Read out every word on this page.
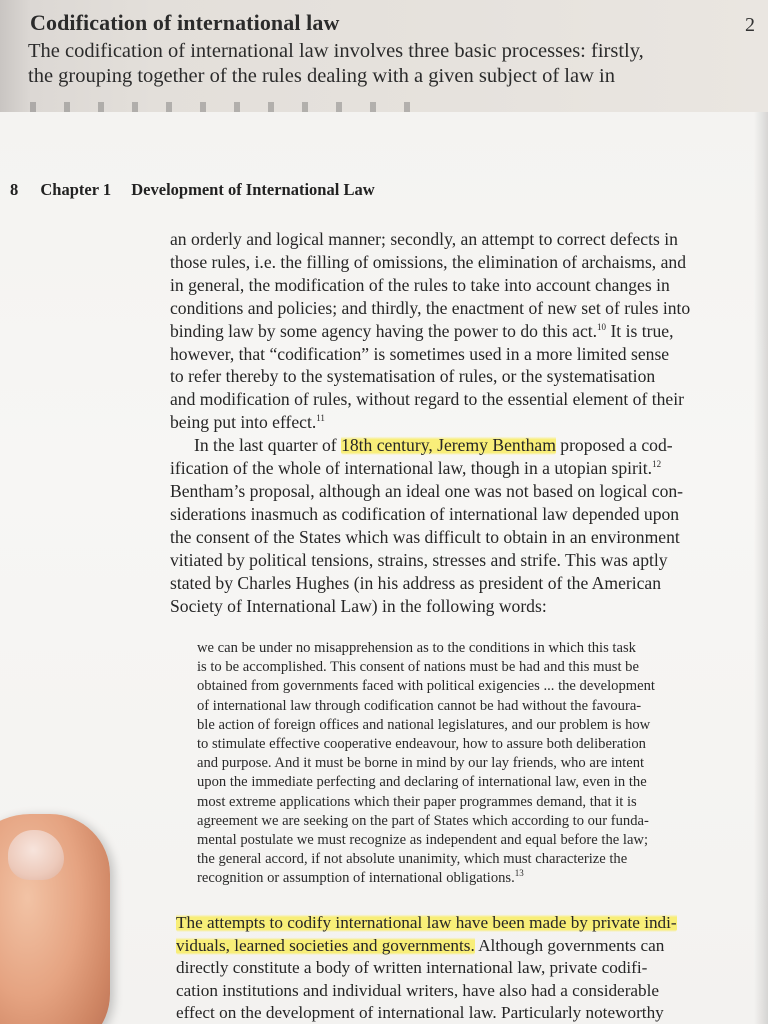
Codification of international law	2
The codification of international law involves three basic processes: firstly,
the grouping together of the rules dealing with a given subject of law in
8 Chapter 1 Development of International Law
an orderly and logical manner; secondly, an attempt to correct defects in
those rules, i.e. the filling of omissions, the elimination of archaisms, and
in general, the modification of the rules to take into account changes in
conditions and policies; and thirdly, the enactment of new set of rules into
binding law by some agency having the power to do this act.$^{10}$ It is true,
however, that “codification” is sometimes used in a more limited sense
to refer thereby to the systematisation of rules, or the systematisation
and modification of rules, without regard to the essential element of their
being put into effect.$^{11}$
In the last quarter of 18th century, Jeremy Bentham proposed a cod-
ification of the whole of international law, though in a utopian spirit.$^{12}$
Bentham’s proposal, although an ideal one was not based on logical con-
siderations inasmuch as codification of international law depended upon
the consent of the States which was difficult to obtain in an environment
vitiated by political tensions, strains, stresses and strife. This was aptly
stated by Charles Hughes (in his address as president of the American
Society of International Law) in the following words:
we can be under no misapprehension as to the conditions in which this task
is to be accomplished. This consent of nations must be had and this must be
obtained from governments faced with political exigencies ... the development
of international law through codification cannot be had without the favoura-
ble action of foreign offices and national legislatures, and our problem is how
to stimulate effective cooperative endeavour, how to assure both deliberation
and purpose. And it must be borne in mind by our lay friends, who are intent
upon the immediate perfecting and declaring of international law, even in the
most extreme applications which their paper programmes demand, that it is
agreement we are seeking on the part of States which according to our funda-
mental postulate we must recognize as independent and equal before the law;
the general accord, if not absolute unanimity, which must characterize the
recognition or assumption of international obligations.$^{13}$
The attempts to codify international law have been made by private indi-
viduals, learned societies and governments. Although governments can
directly constitute a body of written international law, private codifi-
cation institutions and individual writers, have also had a considerable
effect on the development of international law. Particularly noteworthy
